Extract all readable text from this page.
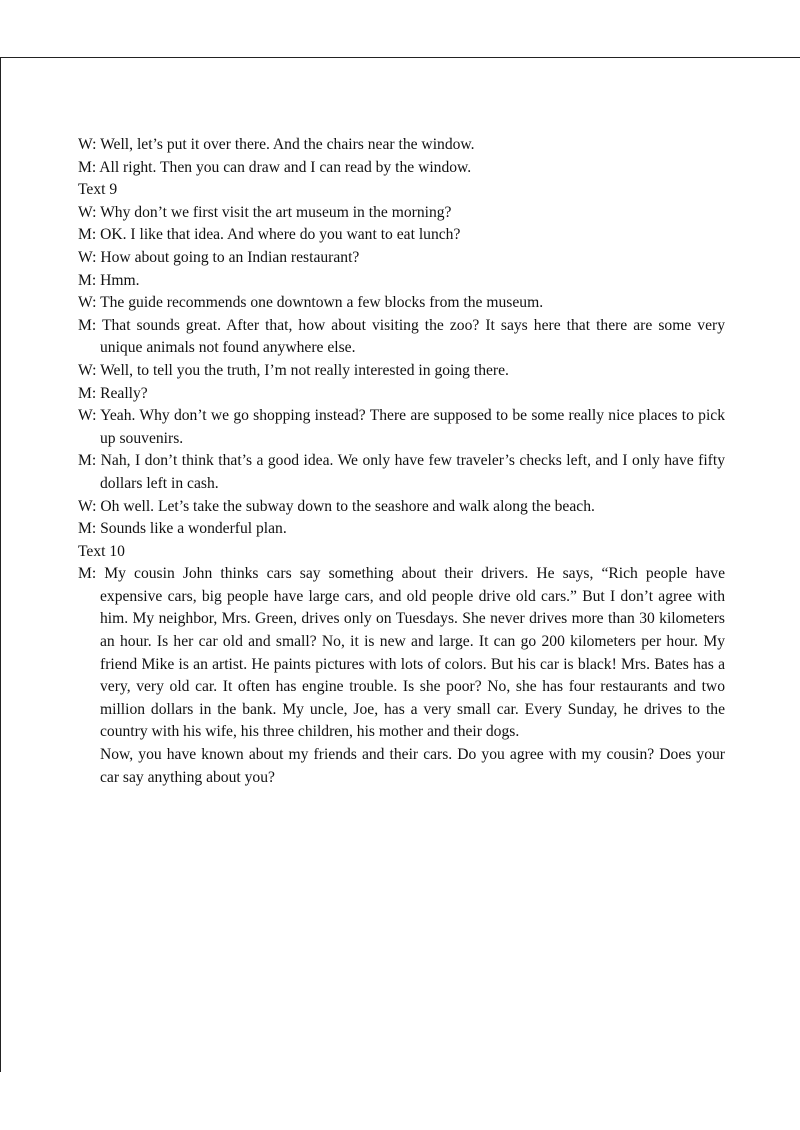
W: Well, let’s put it over there. And the chairs near the window.

M: All right. Then you can draw and I can read by the window.

Text 9

W: Why don’t we first visit the art museum in the morning?

M: OK. I like that idea. And where do you want to eat lunch?

W: How about going to an Indian restaurant?

M: Hmm.

W: The guide recommends one downtown a few blocks from the museum.

M: That sounds great. After that, how about visiting the zoo? It says here that there are some very unique animals not found anywhere else.

W: Well, to tell you the truth, I’m not really interested in going there.

M: Really?

W: Yeah. Why don’t we go shopping instead? There are supposed to be some really nice places to pick up souvenirs.

M: Nah, I don’t think that’s a good idea. We only have few traveler’s checks left, and I only have fifty dollars left in cash.

W: Oh well. Let’s take the subway down to the seashore and walk along the beach.

M: Sounds like a wonderful plan.

Text 10

M: My cousin John thinks cars say something about their drivers. He says, “Rich people have expensive cars, big people have large cars, and old people drive old cars.” But I don’t agree with him. My neighbor, Mrs. Green, drives only on Tuesdays. She never drives more than 30 kilometers an hour. Is her car old and small? No, it is new and large. It can go 200 kilometers per hour. My friend Mike is an artist. He paints pictures with lots of colors. But his car is black! Mrs. Bates has a very, very old car. It often has engine trouble. Is she poor? No, she has four restaurants and two million dollars in the bank. My uncle, Joe, has a very small car. Every Sunday, he drives to the country with his wife, his three children, his mother and their dogs.

Now, you have known about my friends and their cars. Do you agree with my cousin? Does your car say anything about you?
